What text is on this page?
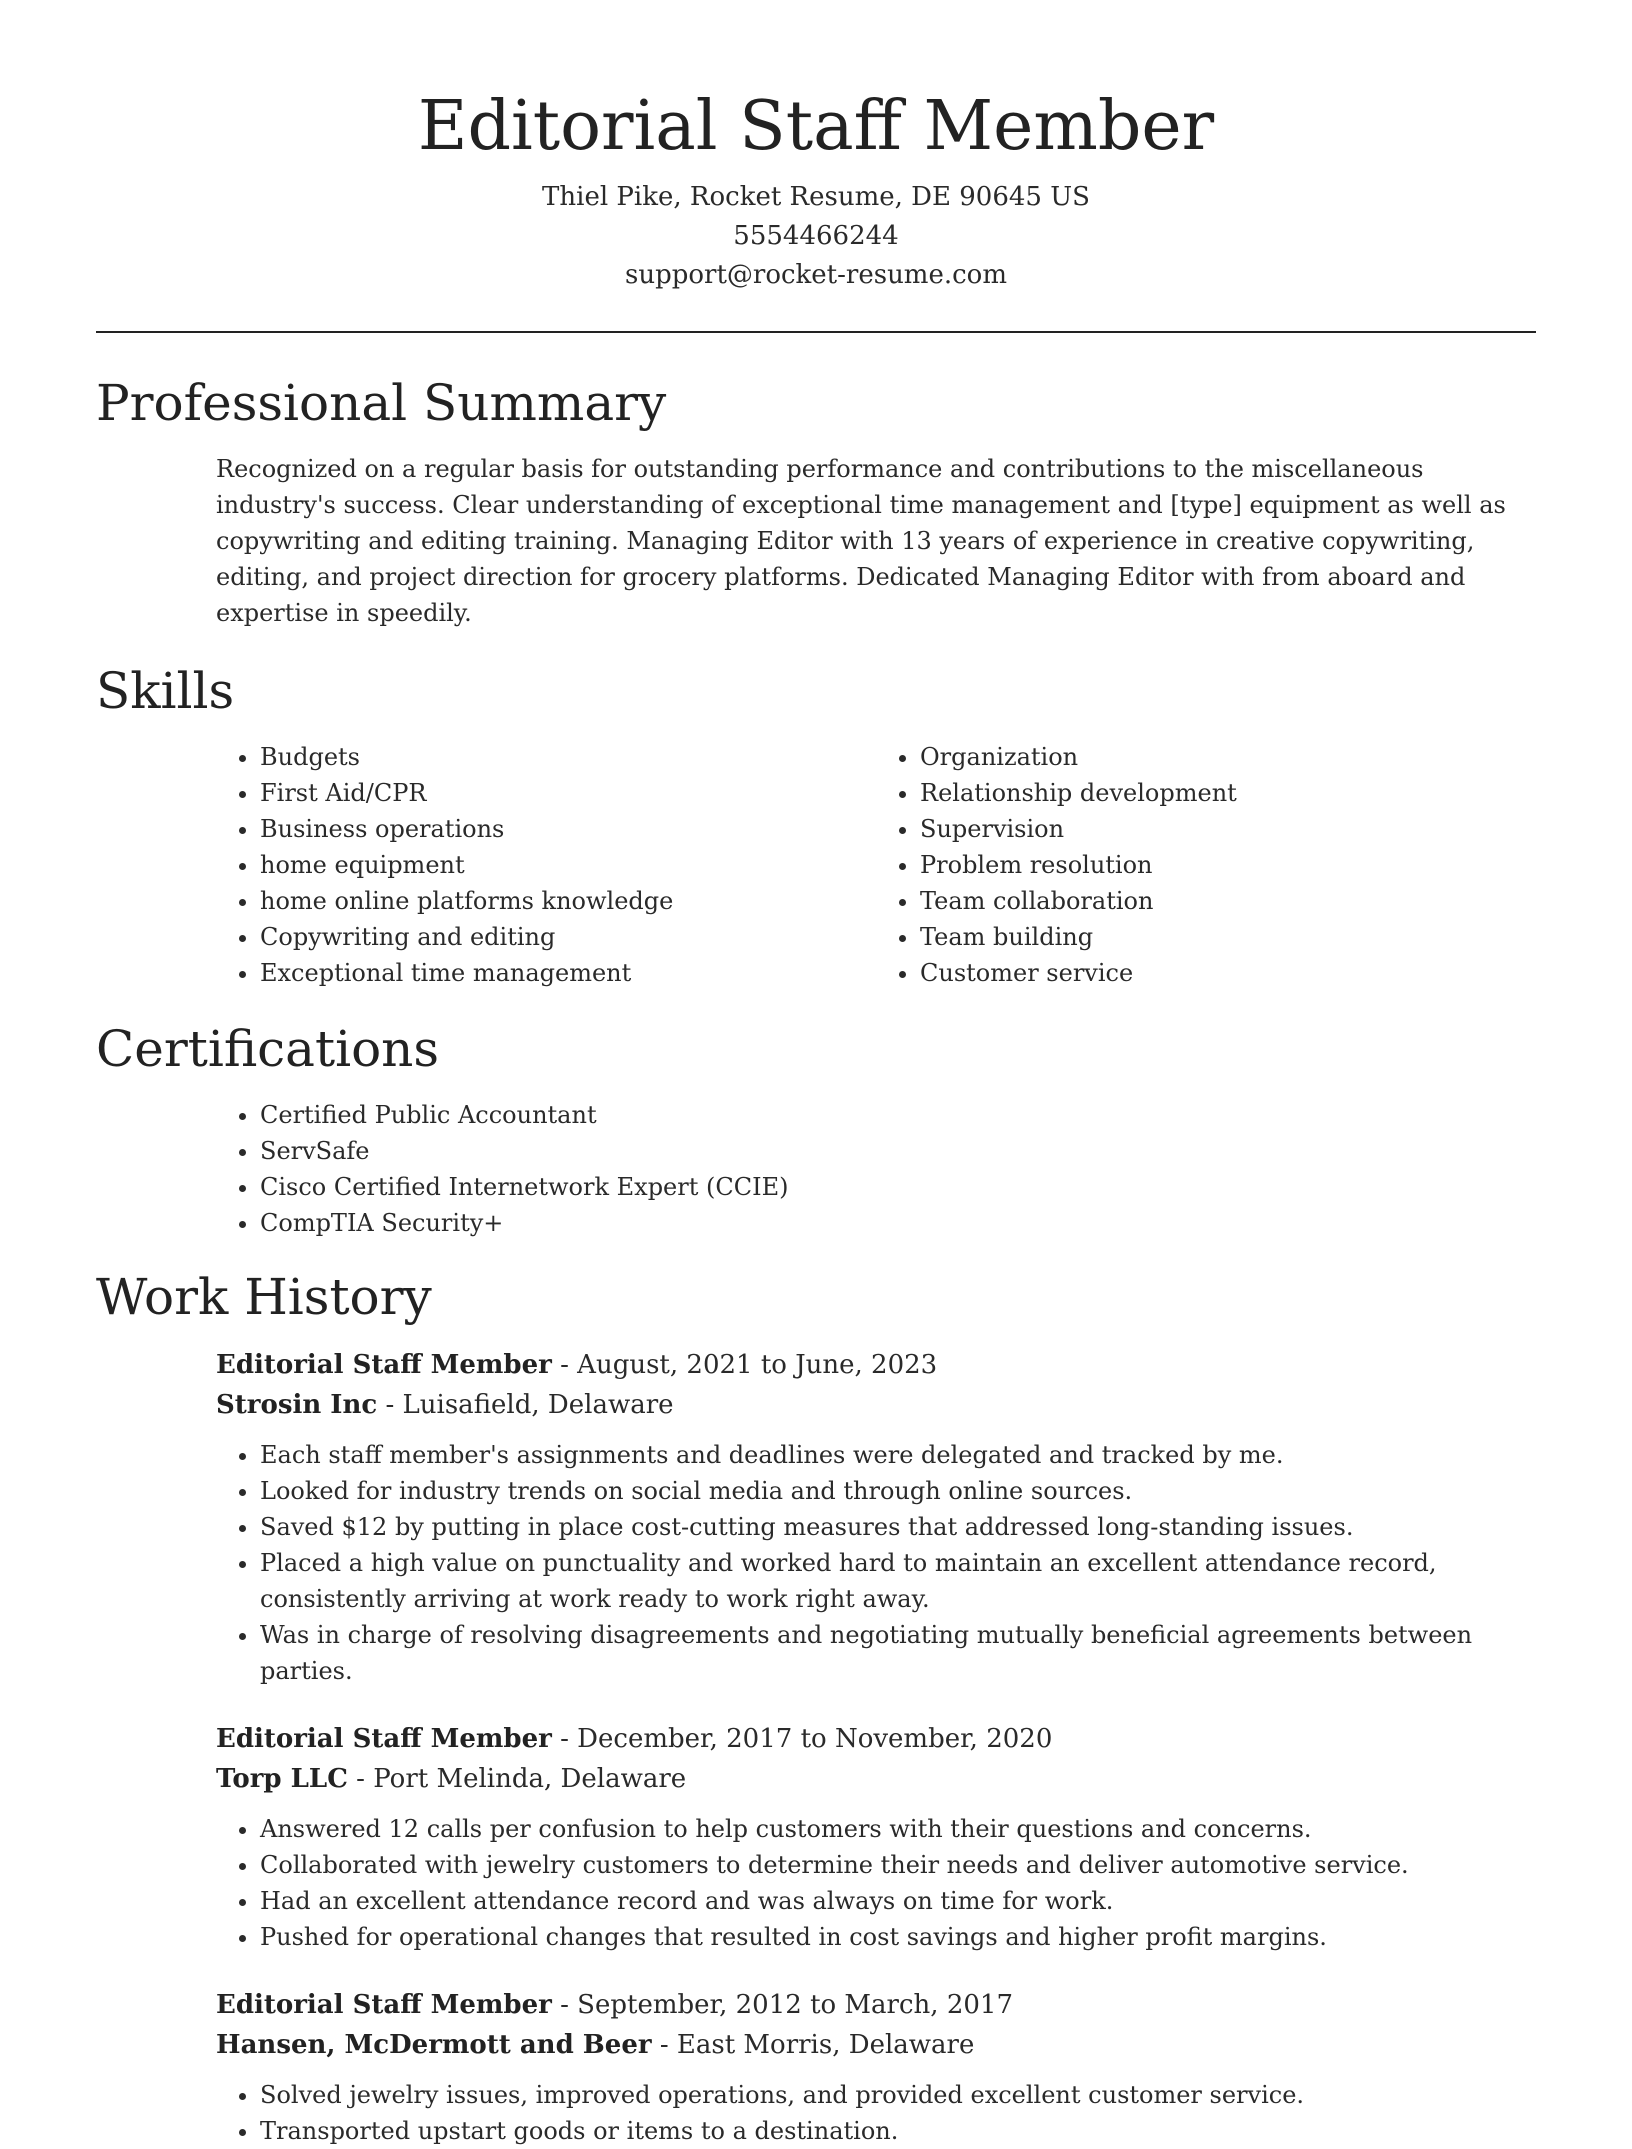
Editorial Staff Member
Thiel Pike, Rocket Resume, DE 90645 US
5554466244
support@rocket-resume.com
Professional Summary

Recognized on a regular basis for outstanding performance and contributions to the miscellaneous industry's success. Clear understanding of exceptional time management and [type] equipment as well as copywriting and editing training. Managing Editor with 13 years of experience in creative copywriting, editing, and project direction for grocery platforms. Dedicated Managing Editor with from aboard and expertise in speedily.

Skills
• Budgets
• First Aid/CPR
• Business operations
• home equipment
• home online platforms knowledge
• Copywriting and editing
• Exceptional time management
• Organization
• Relationship development
• Supervision
• Problem resolution
• Team collaboration
• Team building
• Customer service
Certifications
• Certified Public Accountant
• ServSafe
• Cisco Certified Internetwork Expert (CCIE)
• CompTIA Security+
Work History
Editorial Staff Member - August, 2021 to June, 2023
Strosin Inc - Luisafield, Delaware
• Each staff member's assignments and deadlines were delegated and tracked by me.
• Looked for industry trends on social media and through online sources.
• Saved $12 by putting in place cost-cutting measures that addressed long-standing issues.
• Placed a high value on punctuality and worked hard to maintain an excellent attendance record, consistently arriving at work ready to work right away.
• Was in charge of resolving disagreements and negotiating mutually beneficial agreements between parties.
Editorial Staff Member - December, 2017 to November, 2020
Torp LLC - Port Melinda, Delaware
• Answered 12 calls per confusion to help customers with their questions and concerns.
• Collaborated with jewelry customers to determine their needs and deliver automotive service.
• Had an excellent attendance record and was always on time for work.
• Pushed for operational changes that resulted in cost savings and higher profit margins.
Editorial Staff Member - September, 2012 to March, 2017
Hansen, McDermott and Beer - East Morris, Delaware
• Solved jewelry issues, improved operations, and provided excellent customer service.
• Transported upstart goods or items to a destination.
